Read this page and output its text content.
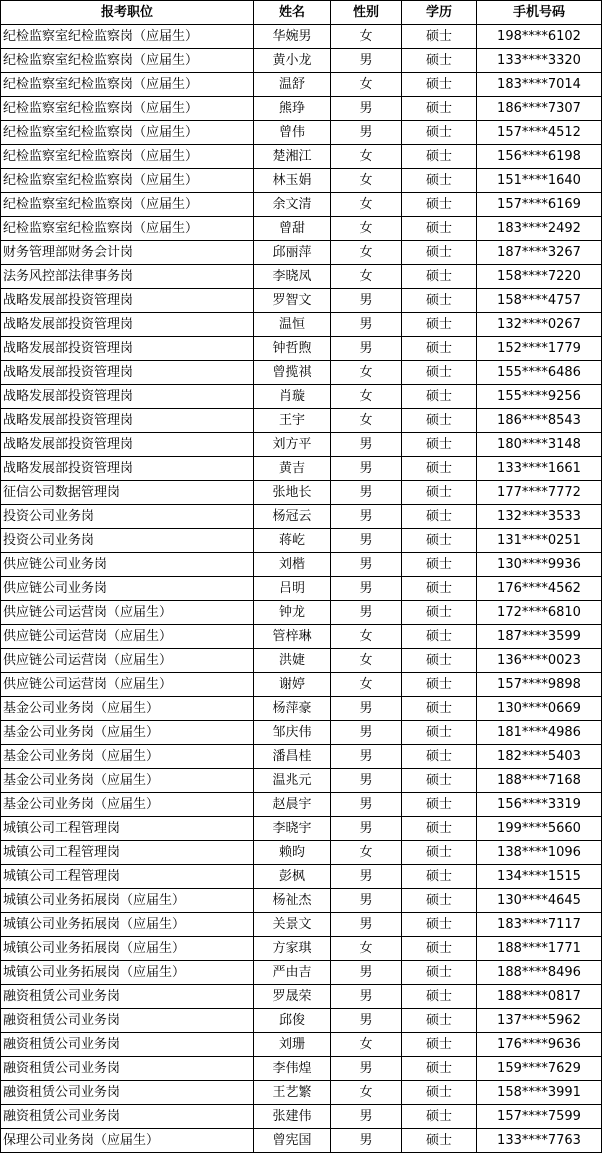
报考职位	姓名	性别	学历	手机号码
纪检监察室纪检监察岗（应届生）	华婉男	女	硕士	198****6102
纪检监察室纪检监察岗（应届生）	黄小龙	男	硕士	133****3320
纪检监察室纪检监察岗（应届生）	温舒	女	硕士	183****7014
纪检监察室纪检监察岗（应届生）	熊琤	男	硕士	186****7307
纪检监察室纪检监察岗（应届生）	曾伟	男	硕士	157****4512
纪检监察室纪检监察岗（应届生）	楚湘江	女	硕士	156****6198
纪检监察室纪检监察岗（应届生）	林玉娟	女	硕士	151****1640
纪检监察室纪检监察岗（应届生）	余文清	女	硕士	157****6169
纪检监察室纪检监察岗（应届生）	曾甜	女	硕士	183****2492
财务管理部财务会计岗	邱丽萍	女	硕士	187****3267
法务风控部法律事务岗	李晓凤	女	硕士	158****7220
战略发展部投资管理岗	罗智文	男	硕士	158****4757
战略发展部投资管理岗	温恒	男	硕士	132****0267
战略发展部投资管理岗	钟哲煦	男	硕士	152****1779
战略发展部投资管理岗	曾揽祺	女	硕士	155****6486
战略发展部投资管理岗	肖璇	女	硕士	155****9256
战略发展部投资管理岗	王宇	女	硕士	186****8543
战略发展部投资管理岗	刘方平	男	硕士	180****3148
战略发展部投资管理岗	黄吉	男	硕士	133****1661
征信公司数据管理岗	张地长	男	硕士	177****7772
投资公司业务岗	杨冠云	男	硕士	132****3533
投资公司业务岗	蒋屹	男	硕士	131****0251
供应链公司业务岗	刘楷	男	硕士	130****9936
供应链公司业务岗	吕明	男	硕士	176****4562
供应链公司运营岗（应届生）	钟龙	男	硕士	172****6810
供应链公司运营岗（应届生）	管梓琳	女	硕士	187****3599
供应链公司运营岗（应届生）	洪婕	女	硕士	136****0023
供应链公司运营岗（应届生）	谢婷	女	硕士	157****9898
基金公司业务岗（应届生）	杨萍豪	男	硕士	130****0669
基金公司业务岗（应届生）	邹庆伟	男	硕士	181****4986
基金公司业务岗（应届生）	潘昌桂	男	硕士	182****5403
基金公司业务岗（应届生）	温兆元	男	硕士	188****7168
基金公司业务岗（应届生）	赵晨宇	男	硕士	156****3319
城镇公司工程管理岗	李晓宇	男	硕士	199****5660
城镇公司工程管理岗	赖昀	女	硕士	138****1096
城镇公司工程管理岗	彭枫	男	硕士	134****1515
城镇公司业务拓展岗（应届生）	杨祉杰	男	硕士	130****4645
城镇公司业务拓展岗（应届生）	关景文	男	硕士	183****7117
城镇公司业务拓展岗（应届生）	方家琪	女	硕士	188****1771
城镇公司业务拓展岗（应届生）	严由吉	男	硕士	188****8496
融资租赁公司业务岗	罗晟荣	男	硕士	188****0817
融资租赁公司业务岗	邱俊	男	硕士	137****5962
融资租赁公司业务岗	刘珊	女	硕士	176****9636
融资租赁公司业务岗	李伟煌	男	硕士	159****7629
融资租赁公司业务岗	王艺繁	女	硕士	158****3991
融资租赁公司业务岗	张建伟	男	硕士	157****7599
保理公司业务岗（应届生）	曾宪国	男	硕士	133****7763
